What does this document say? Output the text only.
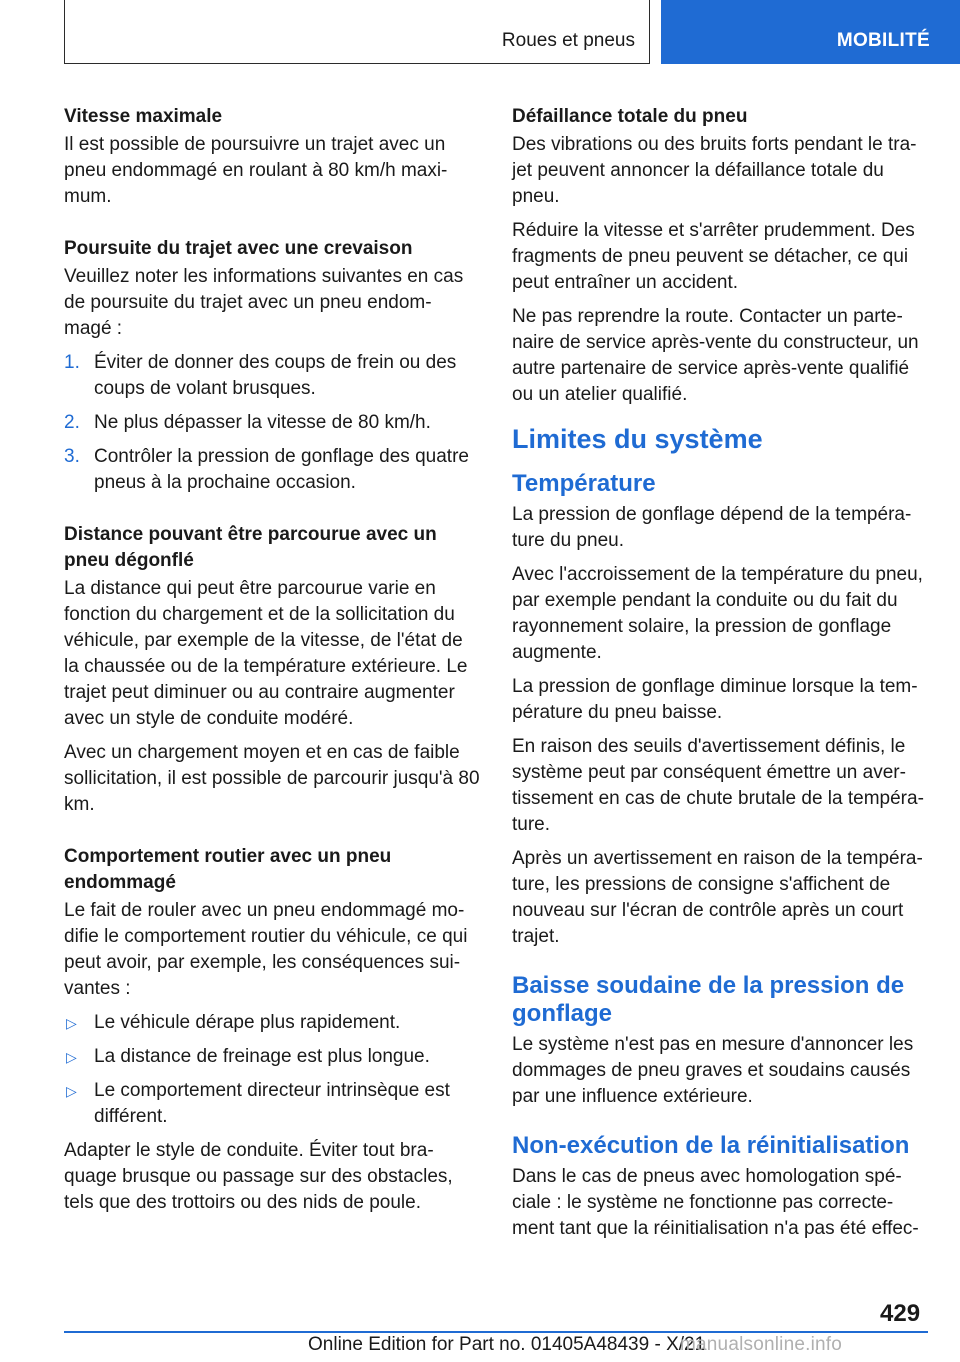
Roues et pneus	MOBILITÉ
Vitesse maximale

Il est possible de poursuivre un trajet avec un pneu endommagé en roulant à 80 km/h maxi‐ mum.

Poursuite du trajet avec une crevaison

Veuillez noter les informations suivantes en cas de poursuite du trajet avec un pneu endom‐ magé :

1. Éviter de donner des coups de frein ou des coups de volant brusques.
2. Ne plus dépasser la vitesse de 80 km/h.
3. Contrôler la pression de gonflage des quatre pneus à la prochaine occasion.
Distance pouvant être parcourue avec un pneu dégonflé

La distance qui peut être parcourue varie en fonction du chargement et de la sollicitation du véhicule, par exemple de la vitesse, de l'état de la chaussée ou de la température extérieure. Le trajet peut diminuer ou au contraire augmenter avec un style de conduite modéré.

Avec un chargement moyen et en cas de faible sollicitation, il est possible de parcourir jusqu'à 80 km.

Comportement routier avec un pneu endommagé

Le fait de rouler avec un pneu endommagé mo‐ difie le comportement routier du véhicule, ce qui peut avoir, par exemple, les conséquences sui‐ vantes :

▷ Le véhicule dérape plus rapidement.
▷ La distance de freinage est plus longue.
▷ Le comportement directeur intrinsèque est différent.

Adapter le style de conduite. Éviter tout bra‐ quage brusque ou passage sur des obstacles, tels que des trottoirs ou des nids de poule.

Défaillance totale du pneu

Des vibrations ou des bruits forts pendant le tra‐ jet peuvent annoncer la défaillance totale du pneu.

Réduire la vitesse et s'arrêter prudemment. Des fragments de pneu peuvent se détacher, ce qui peut entraîner un accident.

Ne pas reprendre la route. Contacter un parte‐ naire de service après-vente du constructeur, un autre partenaire de service après-vente qualifié ou un atelier qualifié.

Limites du système
Température

La pression de gonflage dépend de la tempéra‐ ture du pneu.

Avec l'accroissement de la température du pneu, par exemple pendant la conduite ou du fait du rayonnement solaire, la pression de gonflage augmente.

La pression de gonflage diminue lorsque la tem‐ pérature du pneu baisse.

En raison des seuils d'avertissement définis, le système peut par conséquent émettre un aver‐ tissement en cas de chute brutale de la tempéra‐ ture.

Après un avertissement en raison de la tempéra‐ ture, les pressions de consigne s'affichent de nouveau sur l'écran de contrôle après un court trajet.

Baisse soudaine de la pression de gonflage

Le système n'est pas en mesure d'annoncer les dommages de pneu graves et soudains causés par une influence extérieure.

Non-exécution de la réinitialisation

Dans le cas de pneus avec homologation spé‐ ciale : le système ne fonctionne pas correcte‐ ment tant que la réinitialisation n'a pas été effec‐

429
Online Edition for Part no. 01405A48439 - X/21
manualsonline.info
